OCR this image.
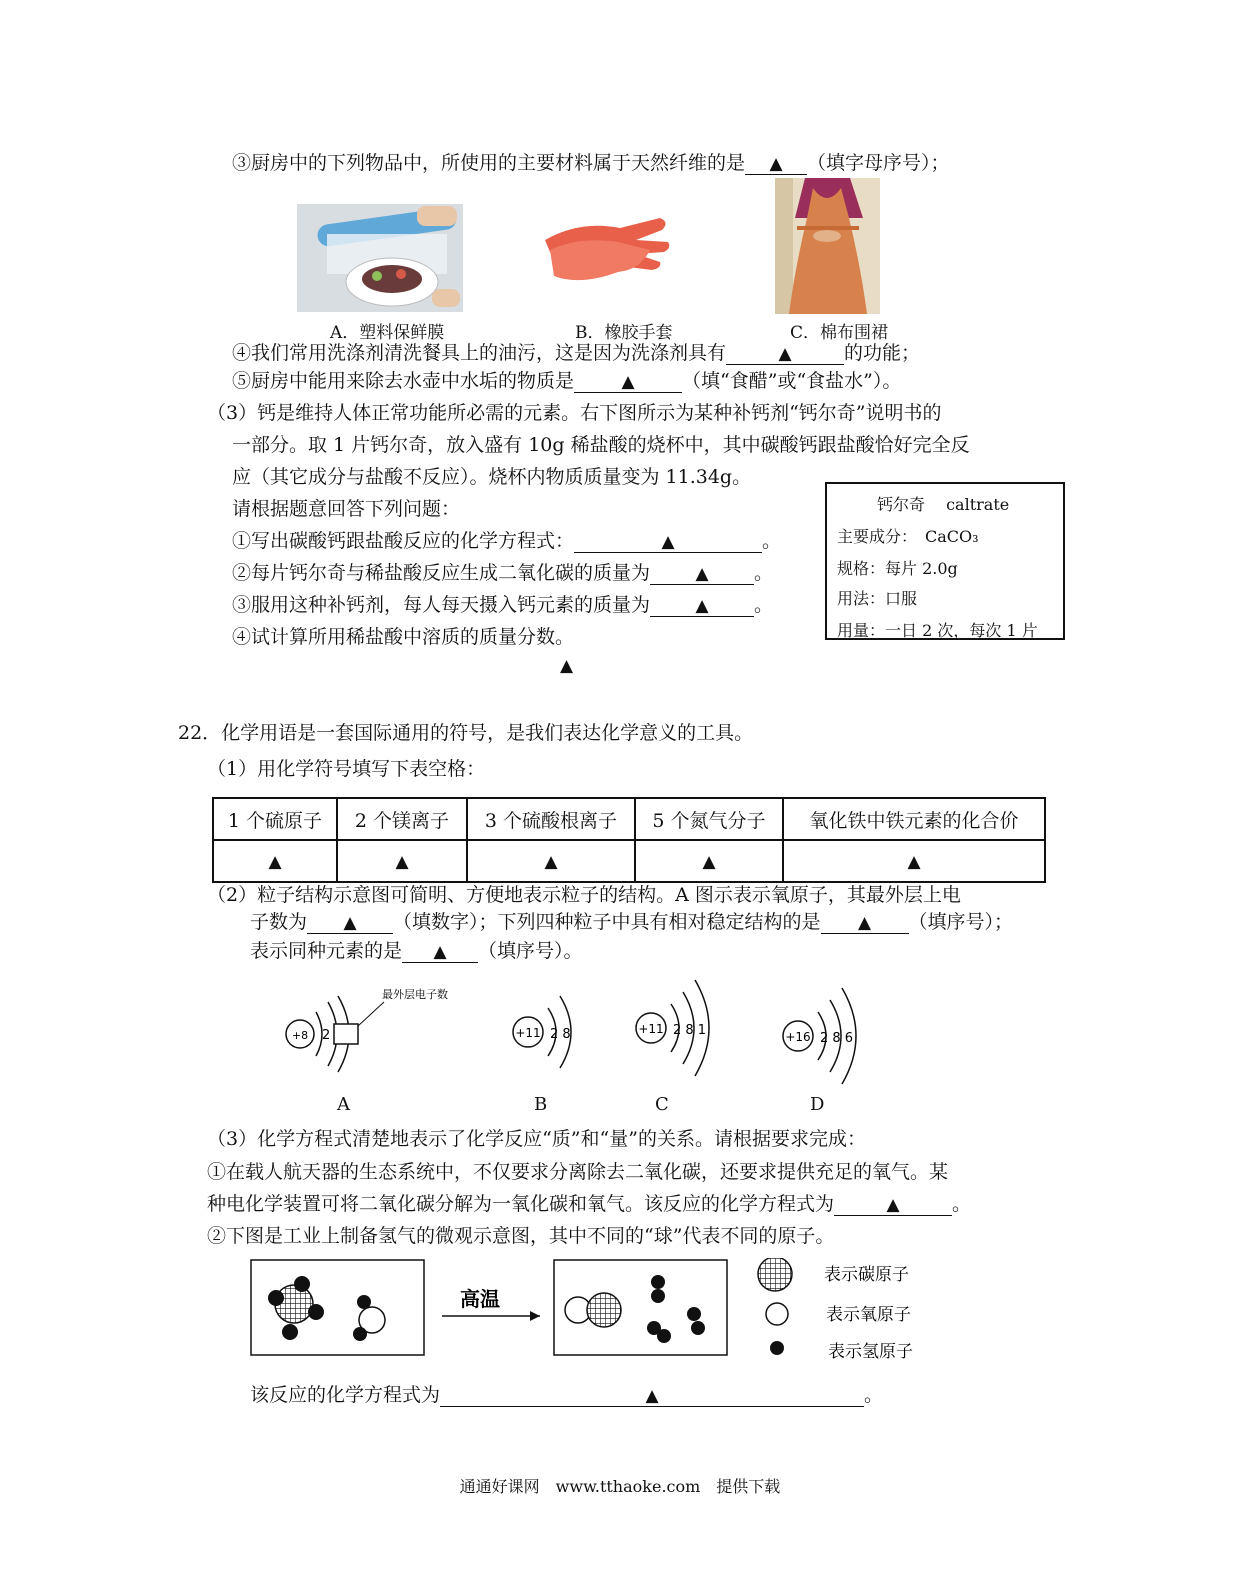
③厨房中的下列物品中，所使用的主要材料属于天然纤维的是 ▲ （填字母序号）；
A．塑料保鲜膜	B．橡胶手套	C．棉布围裙
④我们常用洗涤剂清洗餐具上的油污，这是因为洗涤剂具有	▲	的功能；
⑤厨房中能用来除去水壶中水垢的物质是	▲ （填“食醋”或“食盐水”）。
（3）钙是维持人体正常功能所必需的元素。右下图所示为某种补钙剂“钙尔奇”说明书的
一部分。取 1 片钙尔奇，放入盛有 10g 稀盐酸的烧杯中，其中碳酸钙跟盐酸恰好完全反
应（其它成分与盐酸不反应）。烧杯内物质质量变为 11.34g。
请根据题意回答下列问题：
①写出碳酸钙跟盐酸反应的化学方程式：	▲	。
②每片钙尔奇与稀盐酸反应生成二氧化碳的质量为	▲ 。
③服用这种补钙剂，每人每天摄入钙元素的质量为	▲ 。
④试计算所用稀盐酸中溶质的质量分数。
▲
钙尔奇　 caltrate
主要成分：　CaCO₃
规格：每片 2.0g
用法：口服
用量：一日 2 次，每次 1 片
22．化学用语是一套国际通用的符号，是我们表达化学意义的工具。
（1）用化学符号填写下表空格：
1 个硫原子	2 个镁离子	3 个硫酸根离子	5 个氮气分子	氧化铁中铁元素的化合价
▲	▲	▲	▲	▲
（2）粒子结构示意图可简明、方便地表示粒子的结构。A 图示表示氧原子，其最外层上电
子数为 ▲ （填数字）；下列四种粒子中具有相对稳定结构的是 ▲ （填序号）；
表示同种元素的是 ▲ （填序号）。
+8 2
最外层电子数
+11 2 8	+11 2 8 1	+16 2 8 6
A	B	C	D
（3）化学方程式清楚地表示了化学反应“质”和“量”的关系。请根据要求完成：
①在载人航天器的生态系统中，不仅要求分离除去二氧化碳，还要求提供充足的氧气。某
种电化学装置可将二氧化碳分解为一氧化碳和氧气。该反应的化学方程式为	▲	。
②下图是工业上制备氢气的微观示意图，其中不同的“球”代表不同的原子。
高温
表示碳原子
表示氧原子
表示氢原子
该反应的化学方程式为	▲	。
通通好课网　www.tthaoke.com　提供下载
